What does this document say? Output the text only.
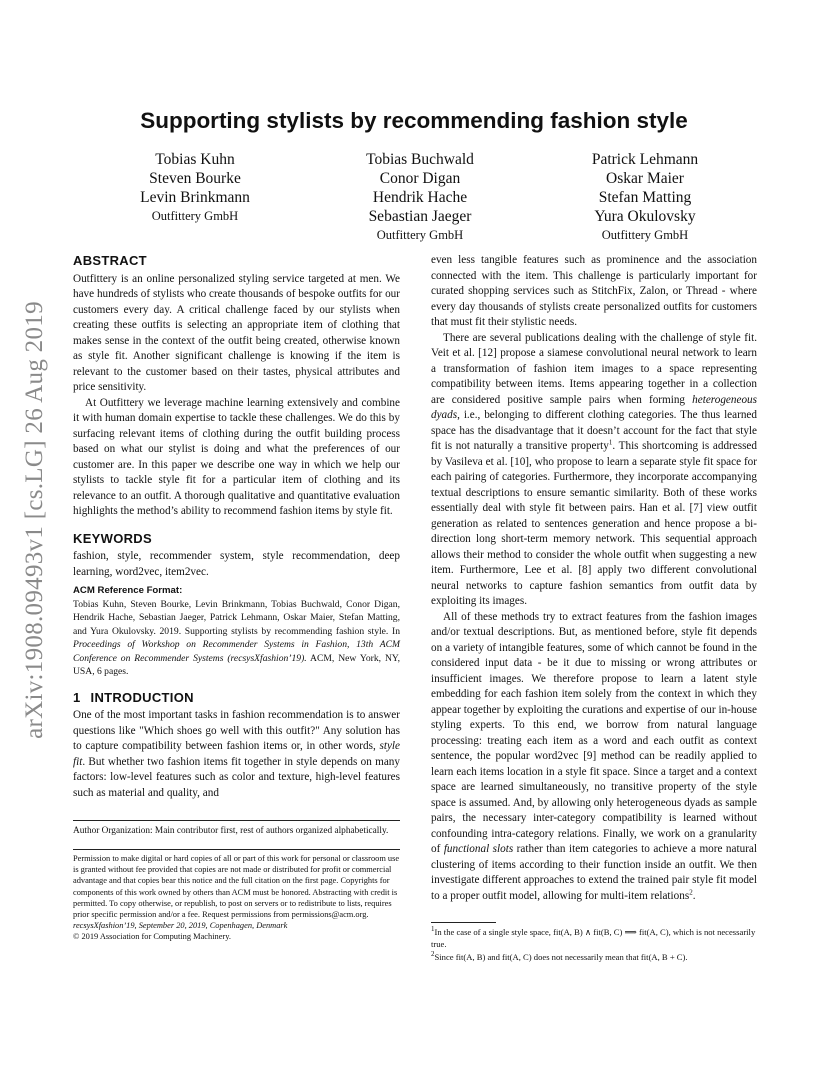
arXiv:1908.09493v1 [cs.LG] 26 Aug 2019
Supporting stylists by recommending fashion style
Tobias Kuhn
Steven Bourke
Levin Brinkmann
Outfittery GmbH
Tobias Buchwald
Conor Digan
Hendrik Hache
Sebastian Jaeger
Outfittery GmbH
Patrick Lehmann
Oskar Maier
Stefan Matting
Yura Okulovsky
Outfittery GmbH
ABSTRACT

Outfittery is an online personalized styling service targeted at men. We have hundreds of stylists who create thousands of bespoke outfits for our customers every day. A critical challenge faced by our stylists when creating these outfits is selecting an appropriate item of clothing that makes sense in the context of the outfit being created, otherwise known as style fit. Another significant challenge is knowing if the item is relevant to the customer based on their tastes, physical attributes and price sensitivity.

At Outfittery we leverage machine learning extensively and combine it with human domain expertise to tackle these challenges. We do this by surfacing relevant items of clothing during the outfit building process based on what our stylist is doing and what the preferences of our customer are. In this paper we describe one way in which we help our stylists to tackle style fit for a particular item of clothing and its relevance to an outfit. A thorough qualitative and quantitative evaluation highlights the method’s ability to recommend fashion items by style fit.

KEYWORDS

fashion, style, recommender system, style recommendation, deep learning, word2vec, item2vec.

ACM Reference Format:

Tobias Kuhn, Steven Bourke, Levin Brinkmann, Tobias Buchwald, Conor Digan, Hendrik Hache, Sebastian Jaeger, Patrick Lehmann, Oskar Maier, Stefan Matting, and Yura Okulovsky. 2019. Supporting stylists by recommending fashion style. In Proceedings of Workshop on Recommender Systems in Fashion, 13th ACM Conference on Recommender Systems (recsysXfashion’19). ACM, New York, NY, USA, 6 pages.

1 INTRODUCTION

One of the most important tasks in fashion recommendation is to answer questions like "Which shoes go well with this outfit?" Any solution has to capture compatibility between fashion items or, in other words, style fit. But whether two fashion items fit together in style depends on many factors: low-level features such as color and texture, high-level features such as material and quality, and

Author Organization: Main contributor first, rest of authors organized alphabetically.

Permission to make digital or hard copies of all or part of this work for personal or classroom use is granted without fee provided that copies are not made or distributed for profit or commercial advantage and that copies bear this notice and the full citation on the first page. Copyrights for components of this work owned by others than ACM must be honored. Abstracting with credit is permitted. To copy otherwise, or republish, to post on servers or to redistribute to lists, requires prior specific permission and/or a fee. Request permissions from permissions@acm.org.

recsysXfashion’19, September 20, 2019, Copenhagen, Denmark

© 2019 Association for Computing Machinery.

even less tangible features such as prominence and the association connected with the item. This challenge is particularly important for curated shopping services such as StitchFix, Zalon, or Thread - where every day thousands of stylists create personalized outfits for customers that must fit their stylistic needs.

There are several publications dealing with the challenge of style fit. Veit et al. [12] propose a siamese convolutional neural network to learn a transformation of fashion item images to a space representing compatibility between items. Items appearing together in a collection are considered positive sample pairs when forming heterogeneous dyads, i.e., belonging to different clothing categories. The thus learned space has the disadvantage that it doesn’t account for the fact that style fit is not naturally a transitive property$^1$. This shortcoming is addressed by Vasileva et al. [10], who propose to learn a separate style fit space for each pairing of categories. Furthermore, they incorporate accompanying textual descriptions to ensure semantic similarity. Both of these works essentially deal with style fit between pairs. Han et al. [7] view outfit generation as related to sentences generation and hence propose a bi-direction long short-term memory network. This sequential approach allows their method to consider the whole outfit when suggesting a new item. Furthermore, Lee et al. [8] apply two different convolutional neural networks to capture fashion semantics from outfit data by exploiting its images.

All of these methods try to extract features from the fashion images and/or textual descriptions. But, as mentioned before, style fit depends on a variety of intangible features, some of which cannot be found in the considered input data - be it due to missing or wrong attributes or insufficient images. We therefore propose to learn a latent style embedding for each fashion item solely from the context in which they appear together by exploiting the curations and expertise of our in-house styling experts. To this end, we borrow from natural language processing: treating each item as a word and each outfit as context sentence, the popular word2vec [9] method can be readily applied to learn each items location in a style fit space. Since a target and a context space are learned simultaneously, no transitive property of the style space is assumed. And, by allowing only heterogeneous dyads as sample pairs, the necessary inter-category compatibility is learned without confounding intra-category relations. Finally, we work on a granularity of functional slots rather than item categories to achieve a more natural clustering of items according to their function inside an outfit. We then investigate different approaches to extend the trained pair style fit model to a proper outfit model, allowing for multi-item relations$^2$.

$^1$In the case of a single style space, fit(A, B) ∧ fit(B, C) ⟹ fit(A, C), which is not necessarily true.

$^2$Since fit(A, B) and fit(A, C) does not necessarily mean that fit(A, B + C).
